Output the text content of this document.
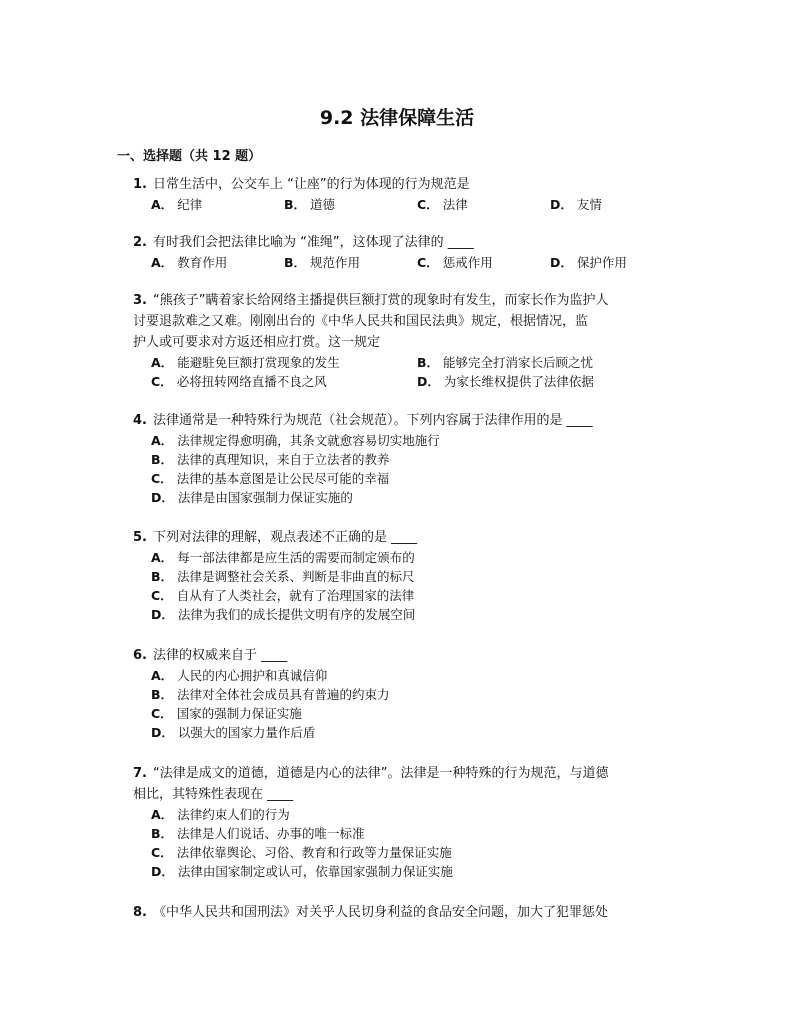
9.2 法律保障生活
一、选择题（共 12 题）
1. 日常生活中，公交车上 “让座”的行为体现的行为规范是
A． 纪律	B． 道德	C． 法律	D． 友情
2. 有时我们会把法律比喻为 “准绳”，这体现了法律的 ____
A． 教育作用	B． 规范作用	C． 惩戒作用	D． 保护作用
3. “熊孩子”瞒着家长给网络主播提供巨额打赏的现象时有发生，而家长作为监护人
讨要退款难之又难。刚刚出台的《中华人民共和国民法典》规定，根据情况，监
护人或可要求对方返还相应打赏。这一规定
A． 能避駐免巨额打赏现象的发生	B． 能够完全打消家长后顾之忧
C． 必将扭转网络直播不良之风	D． 为家长维权提供了法律依据
4. 法律通常是一种特殊行为规范（社会规范）。下列内容属于法律作用的是 ____
A． 法律规定得愈明确，其条文就愈容易切实地施行
B． 法律的真理知识，来自于立法者的教养
C． 法律的基本意图是让公民尽可能的幸福
D． 法律是由国家强制力保证实施的
5. 下列对法律的理解，观点表述不正确的是 ____
A． 每一部法律都是应生活的需要而制定颁布的
B． 法律是调整社会关系、判断是非曲直的标尺
C． 自从有了人类社会，就有了治理国家的法律
D． 法律为我们的成长提供文明有序的发展空间
6. 法律的权威来自于 ____
A． 人民的内心拥护和真诚信仰
B． 法律对全体社会成员具有普遍的约束力
C． 国家的强制力保证实施
D． 以强大的国家力量作后盾
7. “法律是成文的道德，道德是内心的法律”。法律是一种特殊的行为规范，与道德
相比，其特殊性表现在 ____
A． 法律约束人们的行为
B． 法律是人们说话、办事的唯一标准
C． 法律依靠舆论、习俗、教育和行政等力量保证实施
D． 法律由国家制定或认可，依靠国家强制力保证实施
8. 《中华人民共和国刑法》对关乎人民切身利益的食品安全问题，加大了犯罪惩处
